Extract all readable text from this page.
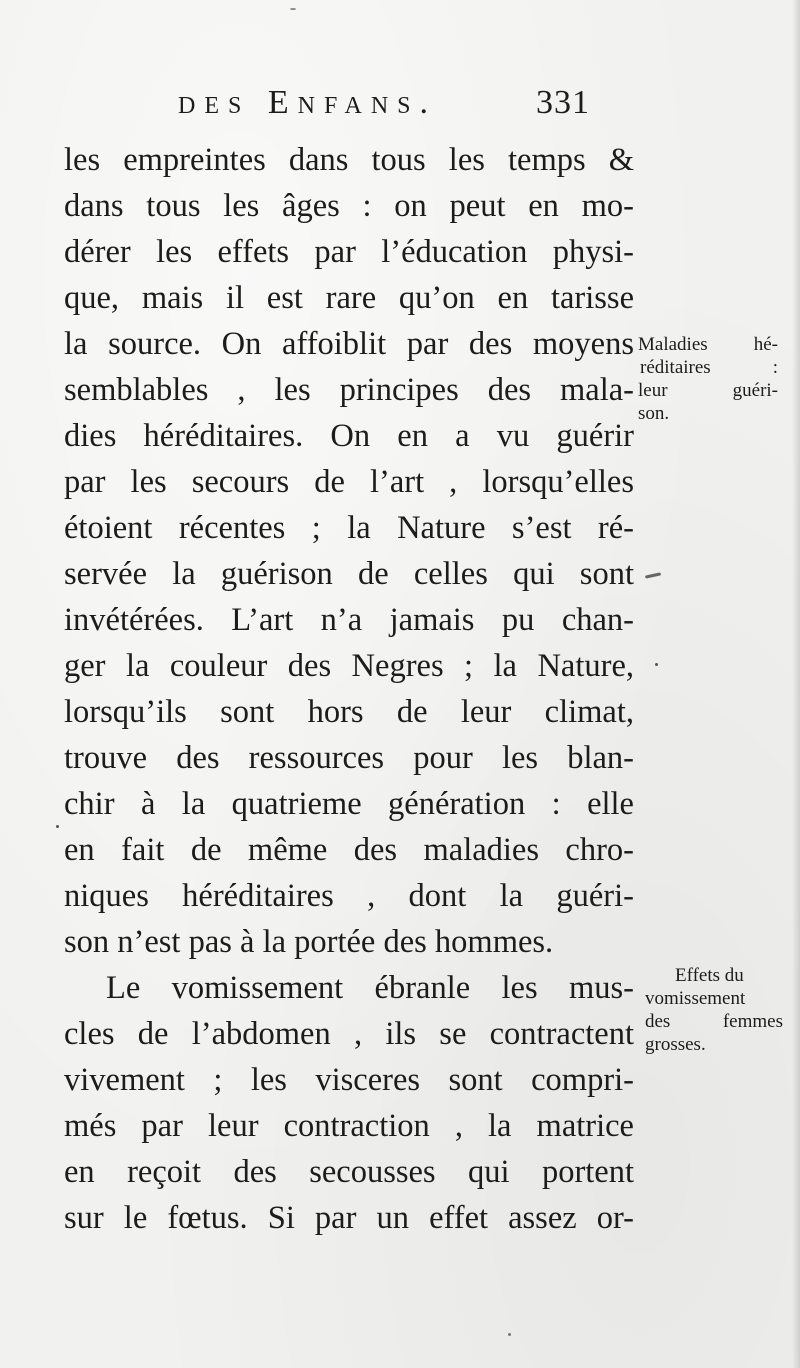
des Enfans.	331
les empreintes dans tous les temps &
dans tous les âges : on peut en mo-
dérer les effets par l’éducation physi-
que, mais il est rare qu’on en tarisse
la source. On affoiblit par des moyens
semblables , les principes des mala-
dies héréditaires. On en a vu guérir
par les secours de l’art , lorsqu’elles
étoient récentes ; la Nature s’est ré-
servée la guérison de celles qui sont
invétérées. L’art n’a jamais pu chan-
ger la couleur des Negres ; la Nature,
lorsqu’ils sont hors de leur climat,
trouve des ressources pour les blan-
chir à la quatrieme génération : elle
en fait de même des maladies chro-
niques héréditaires , dont la guéri-
son n’est pas à la portée des hommes.
Le vomissement ébranle les mus-
cles de l’abdomen , ils se contractent
vivement ; les visceres sont compri-
més par leur contraction , la matrice
en reçoit des secousses qui portent
sur le fœtus. Si par un effet assez or-
Maladies hé-
réditaires :
leur guéri-
son.
Effets du
vomissement
des femmes
grosses.
